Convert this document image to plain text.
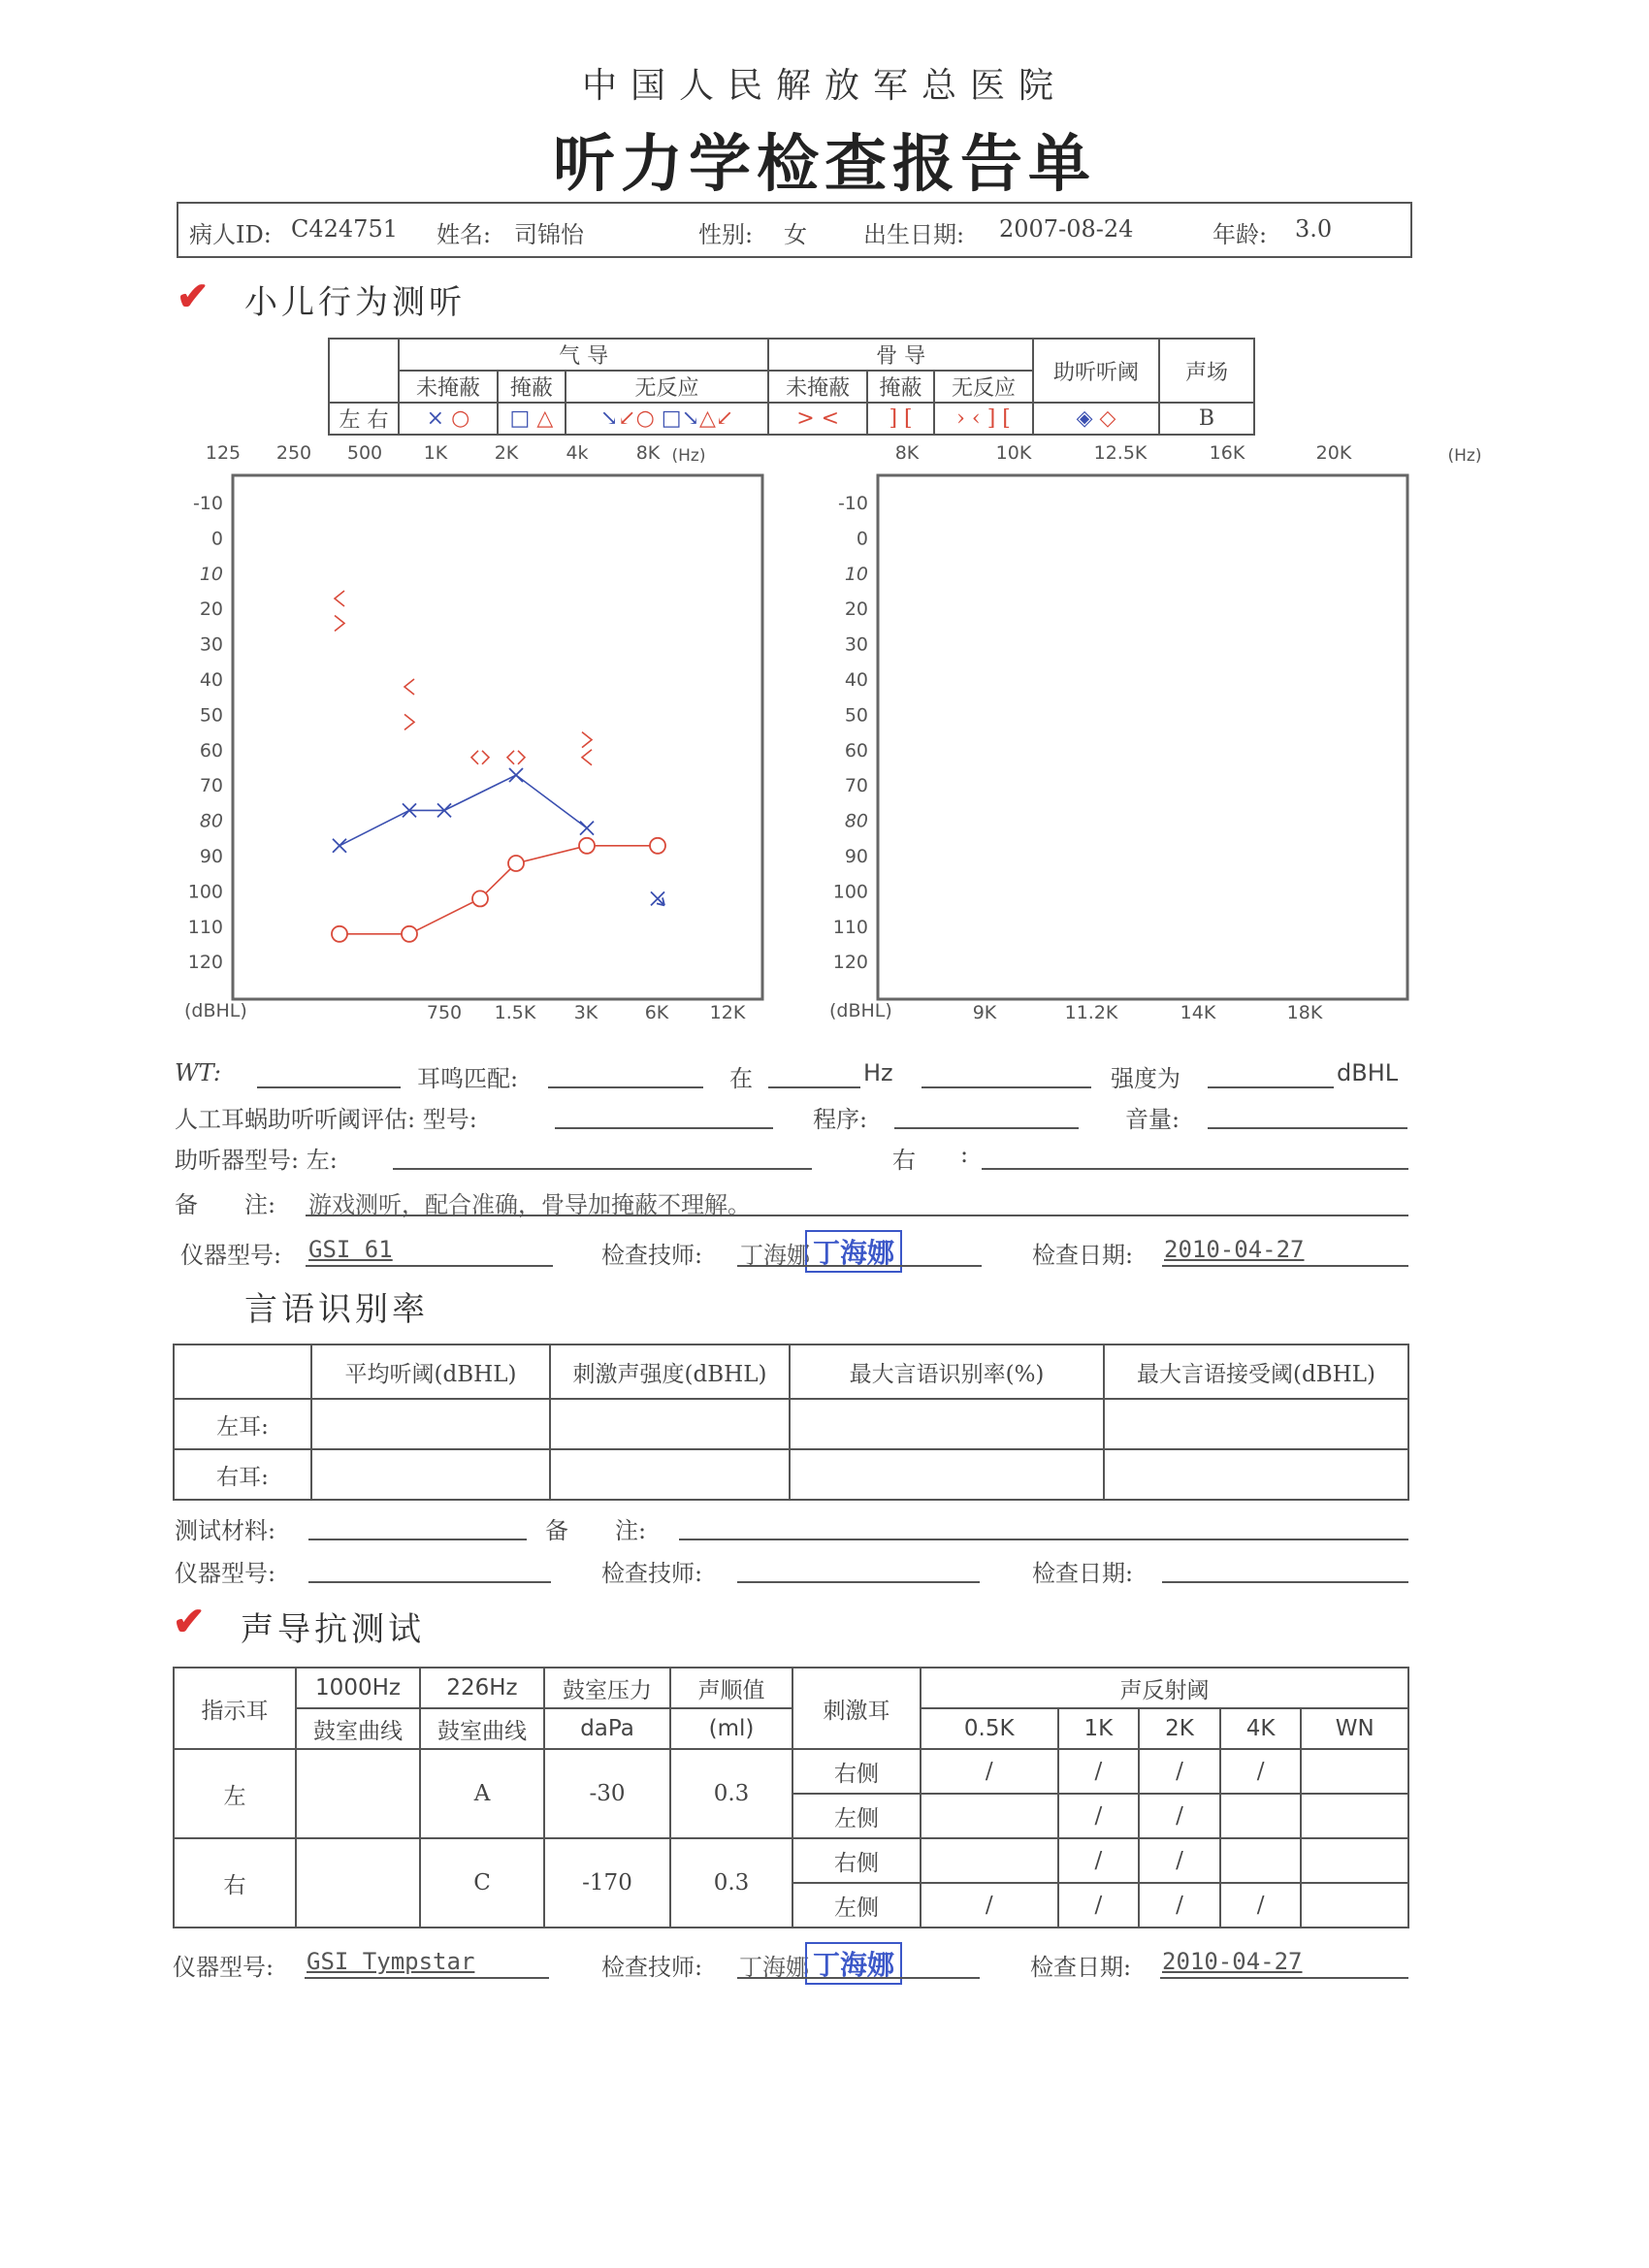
中国人民解放军总医院
听力学检查报告单
病人ID: C424751 姓名: 司锦怡	性别: 女 出生日期: 2007-08-24	年龄: 3.0
✔ 小儿行为测听
	气 导			骨 导			助听听阈	声场
	未掩蔽	掩蔽	无反应	未掩蔽	掩蔽	无反应		
左 右	× ○	□ △	↘↙○ □↘△↙	> <	] [	› ‹ ] [	◈ ◇	B
-10
0
10
20
30
40
50
60
70
80
90
100
110
120
(dBHL)
125 250 500 1K	2K	4k	8K (Hz)
750 1.5K 3K	6K 12K
-10
0
10
20
30
40
50
60
70
80
90
100
110
120
(dBHL)
8K	10K	12.5K	16K	20K	(Hz)
9K	11.2K	14K	18K
WT:	耳鸣匹配:	在	Hz	强度为	dBHL
人工耳蜗助听听阈评估: 型号:	程序:	音量:
助听器型号: 左:	右 :
备　　注: 游戏测听，配合准确，骨导加掩蔽不理解。
仪器型号: GSI 61	检查技师: 丁海娜 丁海娜	检查日期: 2010-04-27
言语识别率
	平均听阈(dBHL)	刺激声强度(dBHL)	最大言语识别率(%)	最大言语接受阈(dBHL)
左耳:				
右耳:				
测试材料:	备　　注:
仪器型号:	检查技师:	检查日期:
✔ 声导抗测试
指示耳	1000Hz	226Hz	鼓室压力	声顺值	刺激耳	声反射阈				
	鼓室曲线	鼓室曲线	daPa	(ml)		0.5K	1K	2K	4K	WN
左		A	-30	0.3	右侧	/	/	/	/	
					左侧		/	/		
右		C	-170	0.3	右侧		/	/		
					左侧	/	/	/	/	
仪器型号: GSI Tympstar	检查技师: 丁海娜 丁海娜	检查日期: 2010-04-27
